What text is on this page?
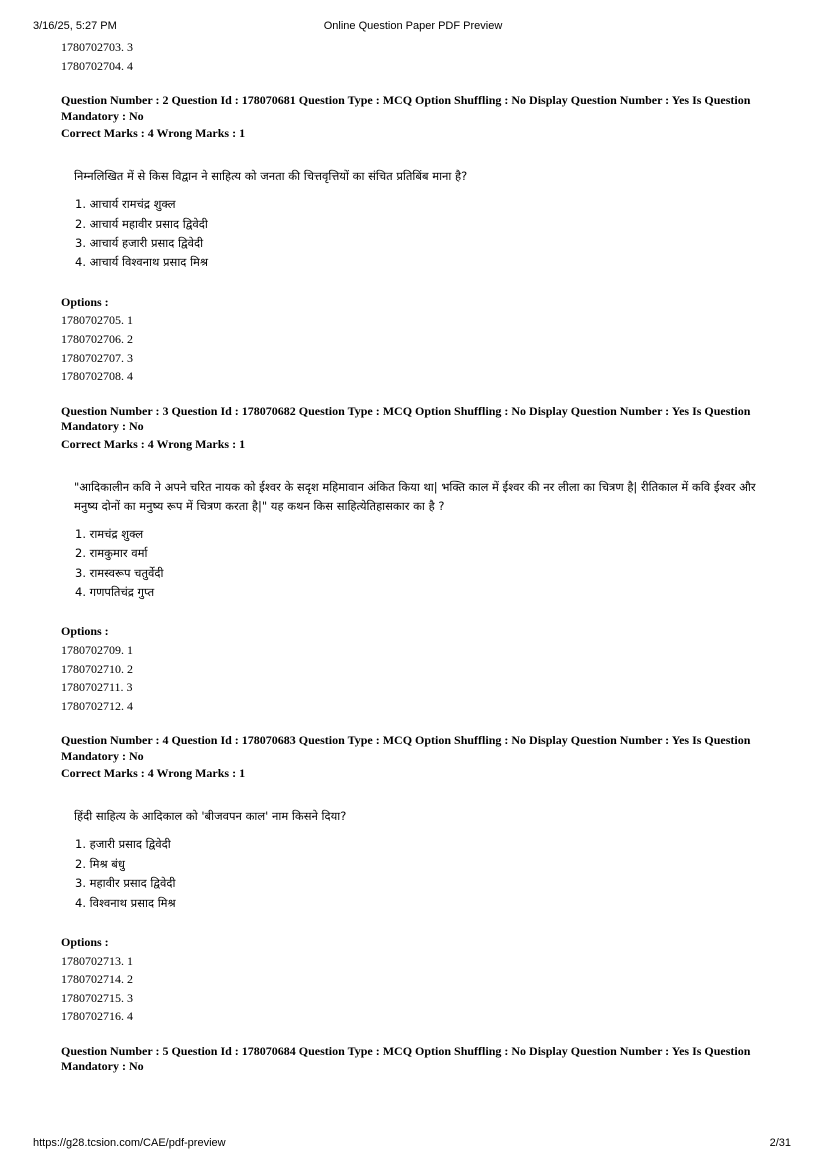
3/16/25, 5:27 PM	Online Question Paper PDF Preview

1780702703. 3

1780702704. 4

Question Number : 2 Question Id : 178070681 Question Type : MCQ Option Shuffling : No Display Question Number : Yes Is Question Mandatory : No

Correct Marks : 4 Wrong Marks : 1

निम्नलिखित में से किस विद्वान ने साहित्य को जनता की चित्तवृत्तियों का संचित प्रतिबिंब माना है?

1. आचार्य रामचंद्र शुक्ल
2. आचार्य महावीर प्रसाद द्विवेदी
3. आचार्य हजारी प्रसाद द्विवेदी
4. आचार्य विश्वनाथ प्रसाद मिश्र

Options :

1780702705. 1

1780702706. 2

1780702707. 3

1780702708. 4

Question Number : 3 Question Id : 178070682 Question Type : MCQ Option Shuffling : No Display Question Number : Yes Is Question Mandatory : No

Correct Marks : 4 Wrong Marks : 1

"आदिकालीन कवि ने अपने चरित नायक को ईश्वर के सदृश महिमावान अंकित किया था| भक्ति काल में ईश्वर की नर लीला का चित्रण है| रीतिकाल में कवि ईश्वर और मनुष्य दोनों का मनुष्य रूप में चित्रण करता है|" यह कथन किस साहित्येतिहासकार का है ?

1. रामचंद्र शुक्ल
2. रामकुमार वर्मा
3. रामस्वरूप चतुर्वेदी
4. गणपतिचंद्र गुप्त

Options :

1780702709. 1

1780702710. 2

1780702711. 3

1780702712. 4

Question Number : 4 Question Id : 178070683 Question Type : MCQ Option Shuffling : No Display Question Number : Yes Is Question Mandatory : No

Correct Marks : 4 Wrong Marks : 1

हिंदी साहित्य के आदिकाल को 'बीजवपन काल' नाम किसने दिया?

1. हजारी प्रसाद द्विवेदी
2. मिश्र बंधु
3. महावीर प्रसाद द्विवेदी
4. विश्वनाथ प्रसाद मिश्र

Options :

1780702713. 1

1780702714. 2

1780702715. 3

1780702716. 4

Question Number : 5 Question Id : 178070684 Question Type : MCQ Option Shuffling : No Display Question Number : Yes Is Question Mandatory : No

https://g28.tcsion.com/CAE/pdf-preview	2/31
